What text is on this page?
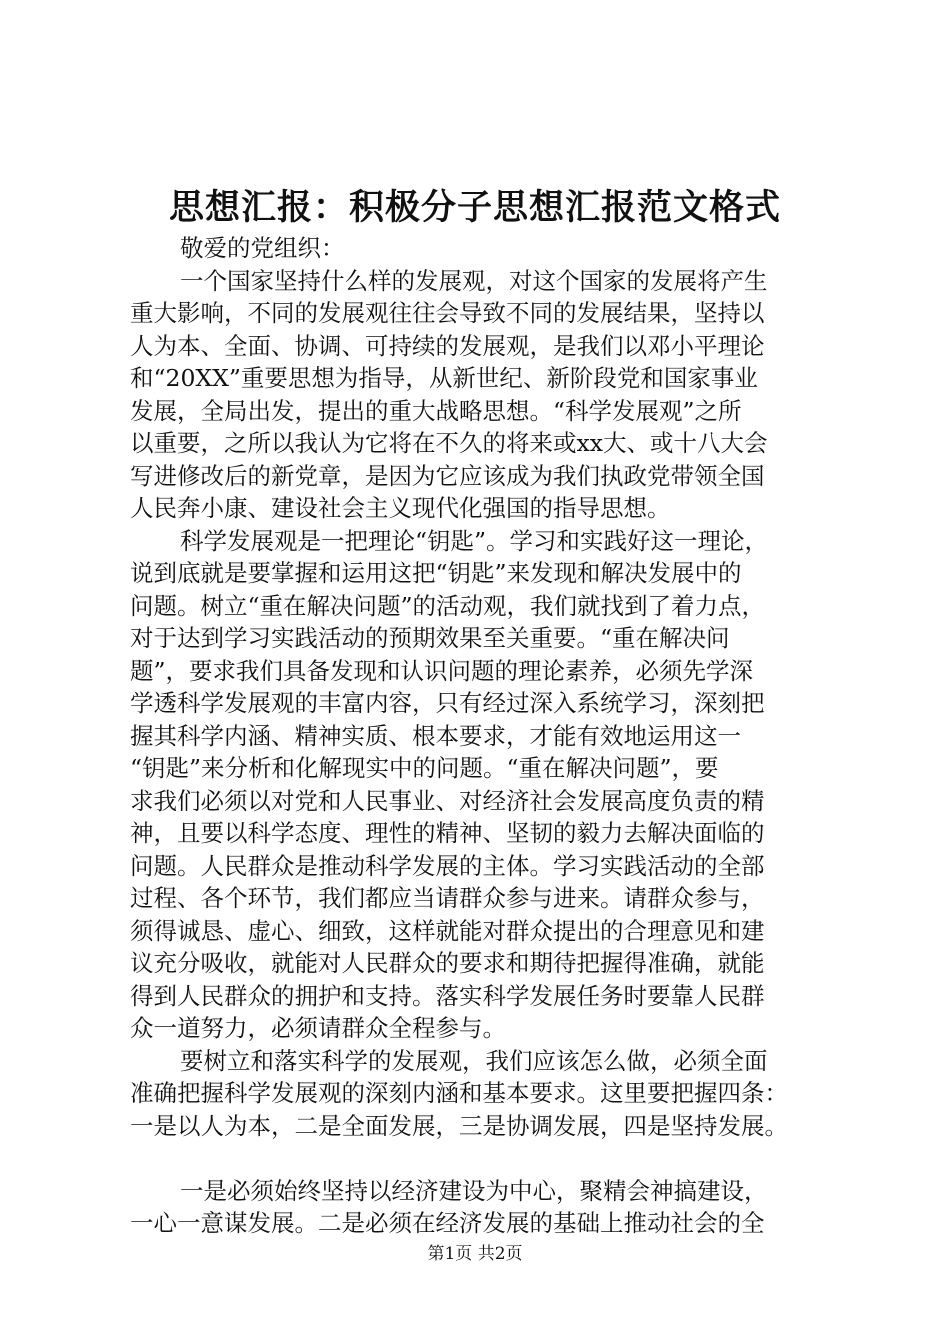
思想汇报：积极分子思想汇报范文格式
敬爱的党组织：
一个国家坚持什么样的发展观，对这个国家的发展将产生
重大影响，不同的发展观往往会导致不同的发展结果，坚持以
人为本、全面、协调、可持续的发展观，是我们以邓小平理论
和“20XX”重要思想为指导，从新世纪、新阶段党和国家事业
发展，全局出发，提出的重大战略思想。“科学发展观”之所
以重要，之所以我认为它将在不久的将来或xx大、或十八大会
写进修改后的新党章，是因为它应该成为我们执政党带领全国
人民奔小康、建设社会主义现代化强国的指导思想。
科学发展观是一把理论“钥匙”。学习和实践好这一理论，
说到底就是要掌握和运用这把“钥匙”来发现和解决发展中的
问题。树立“重在解决问题”的活动观，我们就找到了着力点，
对于达到学习实践活动的预期效果至关重要。“重在解决问
题”，要求我们具备发现和认识问题的理论素养，必须先学深
学透科学发展观的丰富内容，只有经过深入系统学习，深刻把
握其科学内涵、精神实质、根本要求，才能有效地运用这一
“钥匙”来分析和化解现实中的问题。“重在解决问题”，要
求我们必须以对党和人民事业、对经济社会发展高度负责的精
神，且要以科学态度、理性的精神、坚韧的毅力去解决面临的
问题。人民群众是推动科学发展的主体。学习实践活动的全部
过程、各个环节，我们都应当请群众参与进来。请群众参与，
须得诚恳、虚心、细致，这样就能对群众提出的合理意见和建
议充分吸收，就能对人民群众的要求和期待把握得准确，就能
得到人民群众的拥护和支持。落实科学发展任务时要靠人民群
众一道努力，必须请群众全程参与。
要树立和落实科学的发展观，我们应该怎么做，必须全面
准确把握科学发展观的深刻内涵和基本要求。这里要把握四条：
一是以人为本，二是全面发展，三是协调发展，四是坚持发展。
一是必须始终坚持以经济建设为中心，聚精会神搞建设，
一心一意谋发展。二是必须在经济发展的基础上推动社会的全
第1页 共2页
